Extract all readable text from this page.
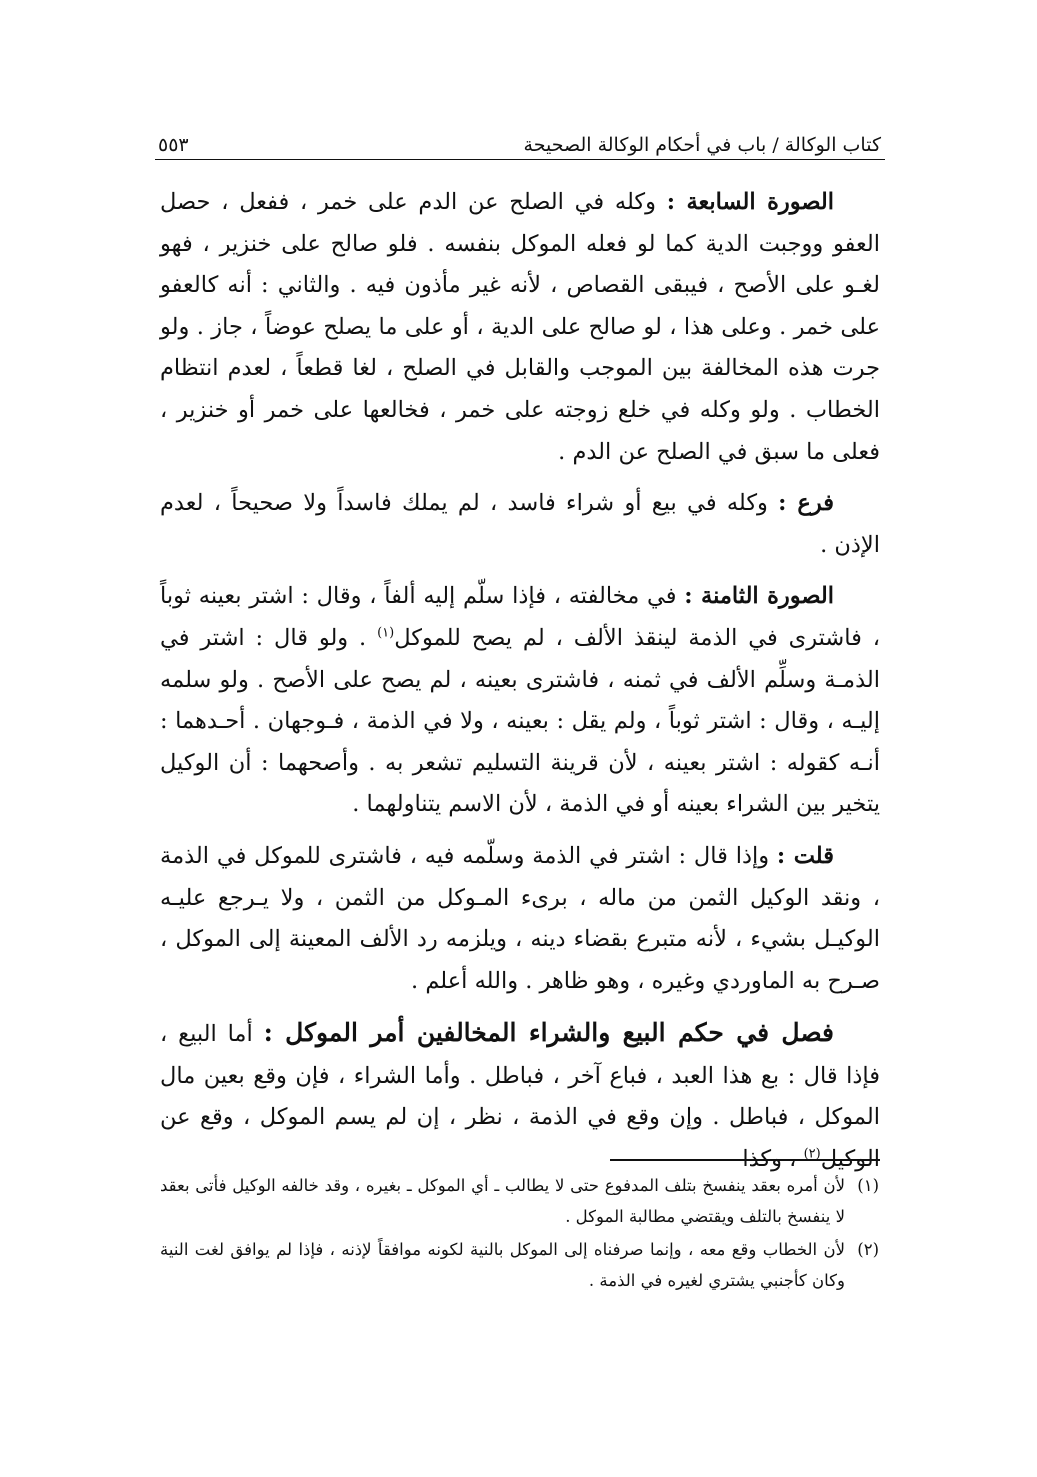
كتاب الوكالة / باب في أحكام الوكالة الصحيحة
٥٥٣

الصورة السابعة : وكله في الصلح عن الدم على خمر ، ففعل ، حصل العفو ووجبت الدية كما لو فعله الموكل بنفسه . فلو صالح على خنزير ، فهو لغـو على الأصح ، فيبقى القصاص ، لأنه غير مأذون فيه . والثاني : أنه كالعفو على خمر . وعلى هذا ، لو صالح على الدية ، أو على ما يصلح عوضاً ، جاز . ولو جرت هذه المخالفة بين الموجب والقابل في الصلح ، لغا قطعاً ، لعدم انتظام الخطاب . ولو وكله في خلع زوجته على خمر ، فخالعها على خمر أو خنزير ، فعلى ما سبق في الصلح عن الدم .

فرع : وكله في بيع أو شراء فاسد ، لم يملك فاسداً ولا صحيحاً ، لعدم الإذن .

الصورة الثامنة : في مخالفته ، فإذا سلّم إليه ألفاً ، وقال : اشتر بعينه ثوباً ، فاشترى في الذمة لينقذ الألف ، لم يصح للموكل$^{(١)}$ . ولو قال : اشتر في الذمـة وسلِّم الألف في ثمنه ، فاشترى بعينه ، لم يصح على الأصح . ولو سلمه إليـه ، وقال : اشتر ثوباً ، ولم يقل : بعينه ، ولا في الذمة ، فـوجهان . أحـدهما : أنـه كقوله : اشتر بعينه ، لأن قرينة التسليم تشعر به . وأصحهما : أن الوكيل يتخير بين الشراء بعينه أو في الذمة ، لأن الاسم يتناولهما .

قلت : وإذا قال : اشتر في الذمة وسلّمه فيه ، فاشترى للموكل في الذمة ، ونقد الوكيل الثمن من ماله ، برىء المـوكل من الثمن ، ولا يـرجع عليـه الوكيـل بشيء ، لأنه متبرع بقضاء دينه ، ويلزمه رد الألف المعينة إلى الموكل ، صـرح به الماوردي وغيره ، وهو ظاهر . والله أعلم .

فصل في حكم البيع والشراء المخالفين أمر الموكل : أما البيع ، فإذا قال : بع هذا العبد ، فباع آخر ، فباطل . وأما الشراء ، فإن وقع بعين مال الموكل ، فباطل . وإن وقع في الذمة ، نظر ، إن لم يسم الموكل ، وقع عن الوكيل$^{(٢)}$ ، وكذا

(١)
لأن أمره بعقد ينفسخ بتلف المدفوع حتى لا يطالب ـ أي الموكل ـ بغيره ، وقد خالفه الوكيل فأتى بعقد لا ينفسخ بالتلف ويقتضي مطالبة الموكل .
(٢)
لأن الخطاب وقع معه ، وإنما صرفناه إلى الموكل بالنية لكونه موافقاً لإذنه ، فإذا لم يوافق لغت النية وكان كأجنبي يشتري لغيره في الذمة .
